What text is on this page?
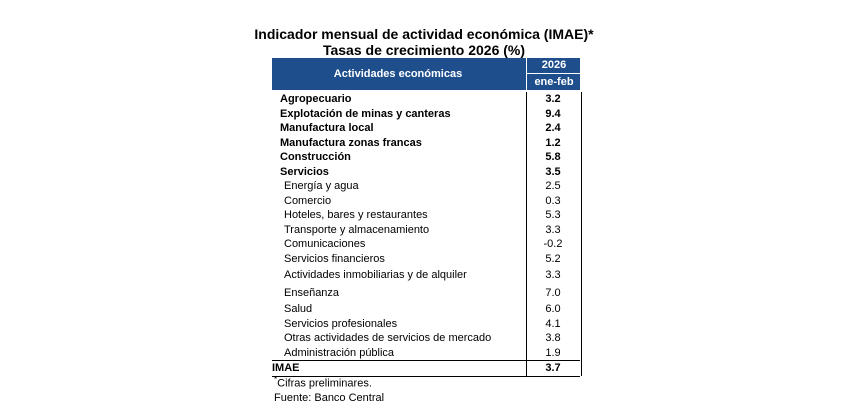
Indicador mensual de actividad económica (IMAE)*
Tasas de crecimiento 2026 (%)
Actividades económicas
2026
ene-feb
Agropecuario	3.2
Explotación de minas y canteras	9.4
Manufactura local	2.4
Manufactura zonas francas	1.2
Construcción	5.8
Servicios	3.5
Energía y agua	2.5
Comercio	0.3
Hoteles, bares y restaurantes	5.3
Transporte y almacenamiento	3.3
Comunicaciones	-0.2
Servicios financieros	5.2
Actividades inmobiliarias y de alquiler	3.3
Enseñanza	7.0
Salud	6.0
Servicios profesionales	4.1
Otras actividades de servicios de mercado	3.8
Administración pública	1.9
IMAE	3.7
*Cifras preliminares.
Fuente: Banco Central
